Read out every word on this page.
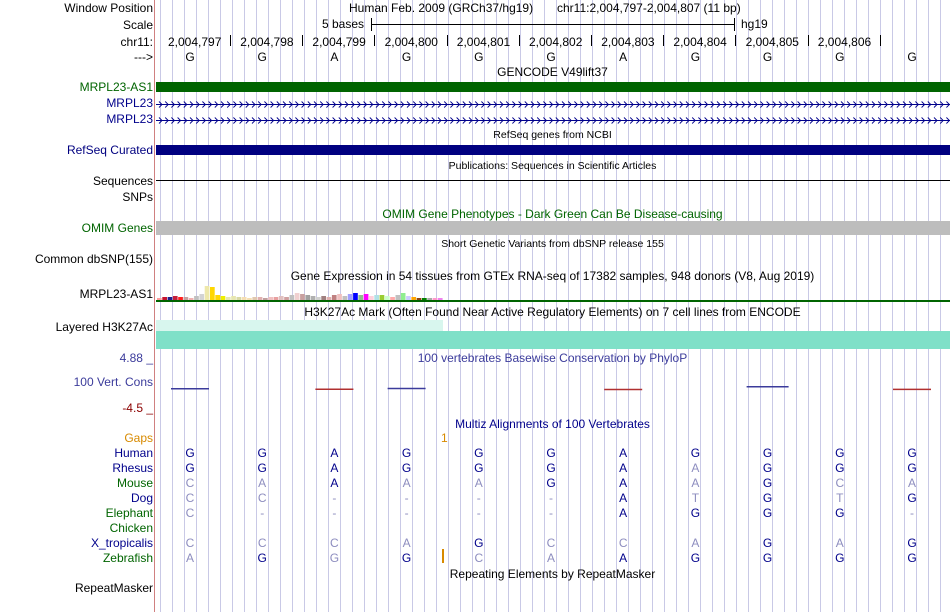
Window Position	Human Feb. 2009 (GRCh37/hg19) chr11:2,004,797-2,004,807 (11 bp)
Scale	5 bases	hg19
chr11: 2,004,797 2,004,798 2,004,799 2,004,800 2,004,801 2,004,802 2,004,803 2,004,804 2,004,805 2,004,806
--->	G	G	A	G	G	G	A	G	G	G	G
GENCODE V49lift37
MRPL23-AS1
MRPL23
MRPL23
RefSeq genes from NCBI
RefSeq Curated
Publications: Sequences in Scientific Articles
Sequences
SNPs
OMIM Gene Phenotypes - Dark Green Can Be Disease-causing
OMIM Genes
Short Genetic Variants from dbSNP release 155
Common dbSNP(155)
Gene Expression in 54 tissues from GTEx RNA-seq of 17382 samples, 948 donors (V8, Aug 2019)
MRPL23-AS1
H3K27Ac Mark (Often Found Near Active Regulatory Elements) on 7 cell lines from ENCODE
Layered H3K27Ac
100 vertebrates Basewise Conservation by PhyloP
4.88 _
100 Vert. Cons
-4.5 _
Multiz Alignments of 100 Vertebrates
Gaps	1
Human	G	G	A	G	G	G	A	G	G	G	G
Rhesus	G	G	A	G	G	G	A	A	G	G	G
Mouse	C	A	A	A	A	G	A	A	G	C	A
Dog	C	C	-	-	-	-	A	T	G	T	G
Elephant	C	-	-	-	-	-	A	G	G	G	-
Chicken
X_tropicalis	C	C	C	A	G	C	C	A	G	A	G
Zebrafish	A	G	G	G	C	A	A	G	G	G	G
Repeating Elements by RepeatMasker
RepeatMasker
